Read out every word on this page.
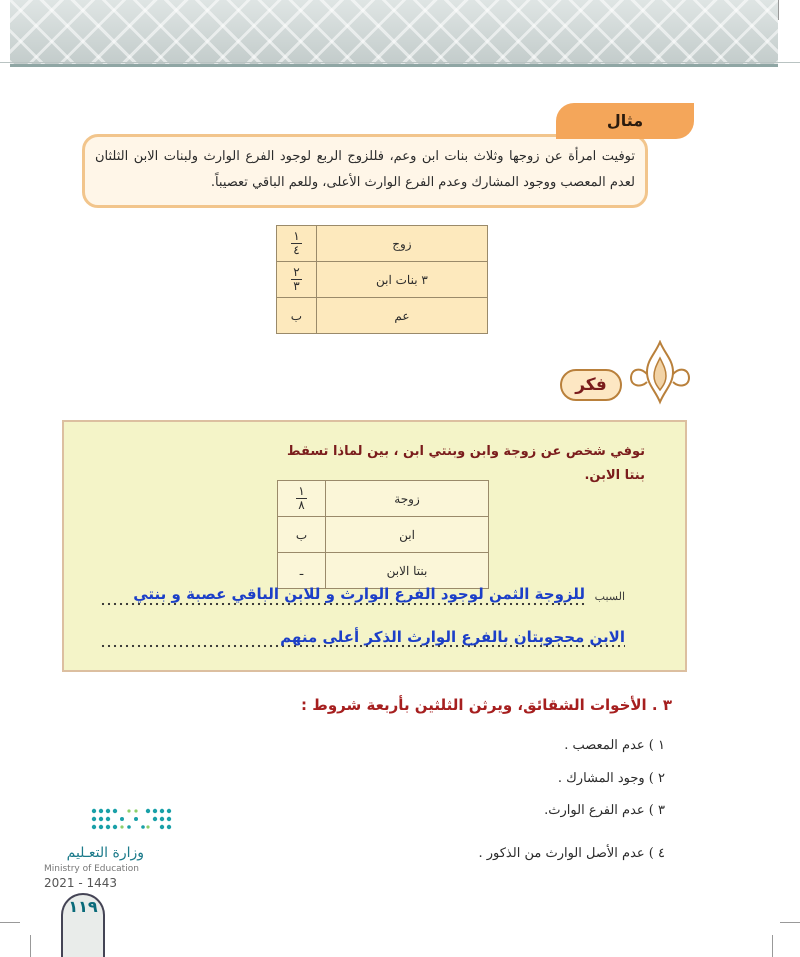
مثال
توفيت امرأة عن زوجها وثلاث بنات ابن وعم، فللزوج الربع لوجود الفرع الوارث ولبنات الابن الثلثان لعدم المعصب ووجود المشارك وعدم الفرع الوارث الأعلى، وللعم الباقي تعصيباً.
زوج	$\frac{١}{٤}$

٣ بنات ابن	$\frac{٢}{٣}$

عم	ب
فكر
توفي شخص عن زوجة وابن وبنتي ابن ، بين لماذا تسقط بنتا الابن.
زوجة	$\frac{١}{٨}$

ابن	ب
بنتا الابن	ـ
السبب
للزوجة الثمن لوجود الفرع الوارث و للابن الباقي عصبة و بنتي
الابن محجوبتان بالفرع الوارث الذكر أعلى منهم
٣ . الأخوات الشقائق، ويرثن الثلثين بأربعة شروط :
١ ) عدم المعصب .
٢ ) وجود المشارك .
٣ ) عدم الفرع الوارث.
٤ ) عدم الأصل الوارث من الذكور .
وزارة التعـليم
Ministry of Education
2021 - 1443
١١٩
